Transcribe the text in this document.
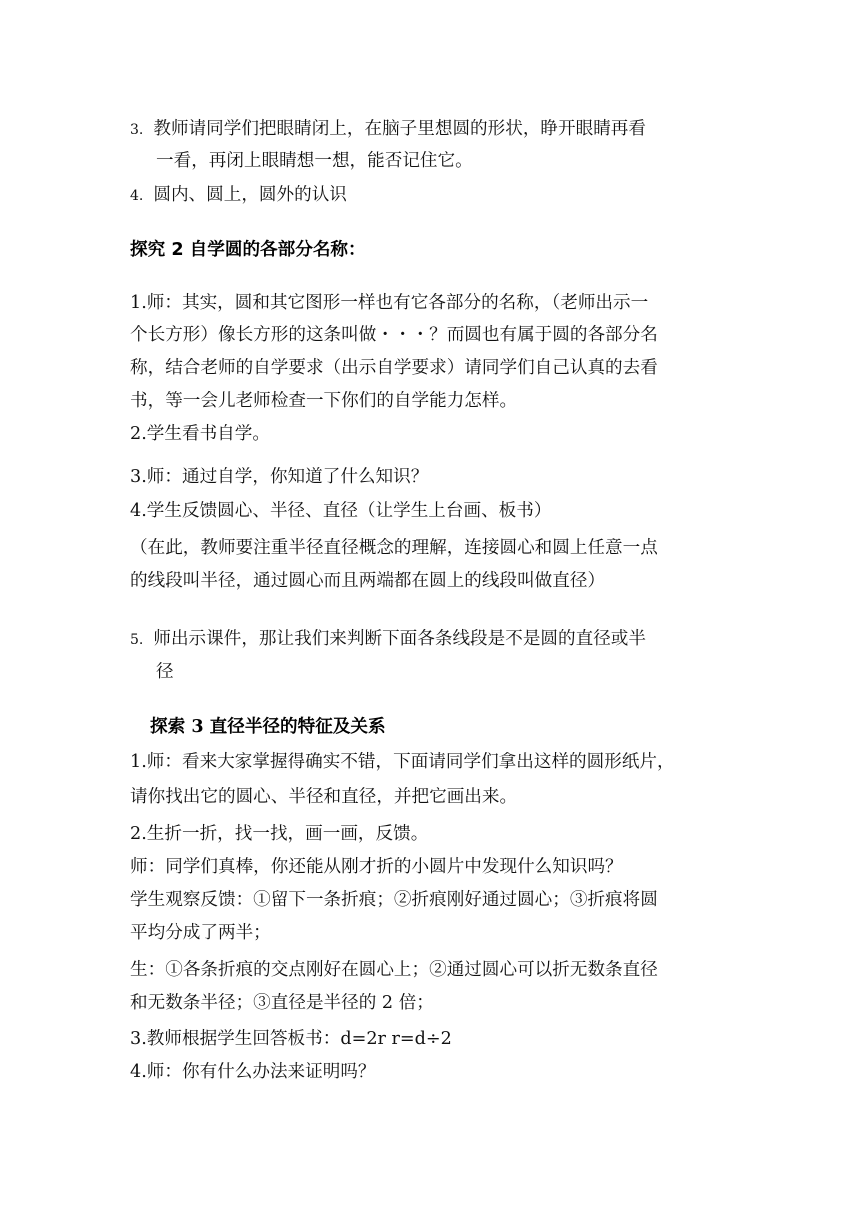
3. 教师请同学们把眼睛闭上，在脑子里想圆的形状，睁开眼睛再看
一看，再闭上眼睛想一想，能否记住它。
4. 圆内、圆上，圆外的认识
探究 2 自学圆的各部分名称：
1.师：其实，圆和其它图形一样也有它各部分的名称，（老师出示一
个长方形）像长方形的这条叫做・・・？而圆也有属于圆的各部分名
称，结合老师的自学要求（出示自学要求）请同学们自己认真的去看
书，等一会儿老师检查一下你们的自学能力怎样。
2.学生看书自学。
3.师：通过自学，你知道了什么知识？
4.学生反馈圆心、半径、直径（让学生上台画、板书）
（在此，教师要注重半径直径概念的理解，连接圆心和圆上任意一点
的线段叫半径，通过圆心而且两端都在圆上的线段叫做直径）
5. 师出示课件，那让我们来判断下面各条线段是不是圆的直径或半
径
探索 3 直径半径的特征及关系
1.师：看来大家掌握得确实不错，下面请同学们拿出这样的圆形纸片，
请你找出它的圆心、半径和直径，并把它画出来。
2.生折一折，找一找，画一画，反馈。
师：同学们真棒，你还能从刚才折的小圆片中发现什么知识吗？
学生观察反馈：①留下一条折痕；②折痕刚好通过圆心；③折痕将圆
平均分成了两半；
生：①各条折痕的交点刚好在圆心上；②通过圆心可以折无数条直径
和无数条半径；③直径是半径的 2 倍；
3.教师根据学生回答板书：d=2r r=d÷2
4.师：你有什么办法来证明吗？
